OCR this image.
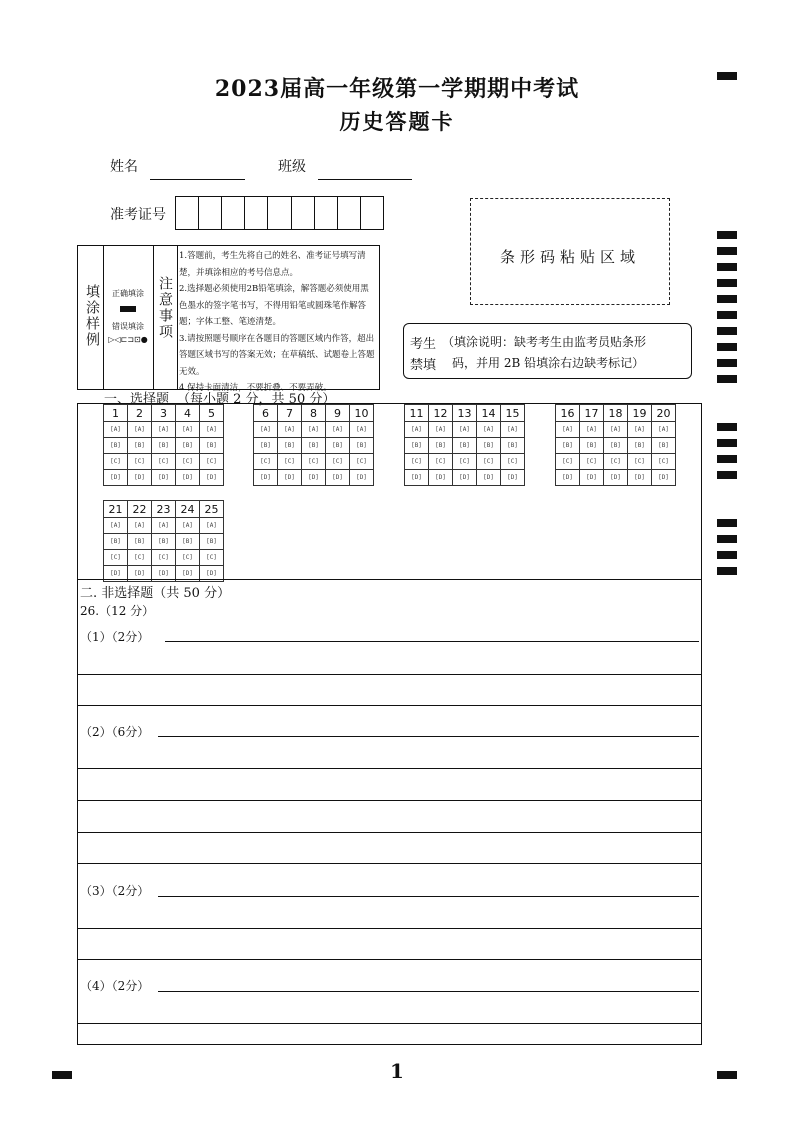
2023届高一年级第一学期期中考试
历史答题卡
姓名	班级
准考证号
条形码粘贴区域
填涂样例	正确填涂
错误填涂
▷◁⊏⊐⊡● 注意事项
1.答题前，考生先将自己的姓名、准考证号填写清楚，并填涂相应的考号信息点。
2.选择题必须使用2B铅笔填涂，解答题必须使用黑色墨水的签字笔书写，不得用铅笔或圆珠笔作解答题；字体工整、笔迹清楚。
3.请按照题号顺序在各题目的答题区域内作答，超出答题区域书写的答案无效；在草稿纸、试题卷上答题无效。
4.保持卡面清洁，不要折叠、不要弄破。
考生
禁填
（填涂说明：缺考考生由监考员贴条形
码，并用 2B 铅填涂右边缺考标记）
一、选择题 （每小题 2 分，共 50 分）
1	2	3	4	5
[A]	[A]	[A]	[A]	[A]
[B]	[B]	[B]	[B]	[B]
[C]	[C]	[C]	[C]	[C]
[D]	[D]	[D]	[D]	[D]
6	7	8	9	10
[A]	[A]	[A]	[A]	[A]
[B]	[B]	[B]	[B]	[B]
[C]	[C]	[C]	[C]	[C]
[D]	[D]	[D]	[D]	[D]
11	12	13	14	15
[A]	[A]	[A]	[A]	[A]
[B]	[B]	[B]	[B]	[B]
[C]	[C]	[C]	[C]	[C]
[D]	[D]	[D]	[D]	[D]
16	17	18	19	20
[A]	[A]	[A]	[A]	[A]
[B]	[B]	[B]	[B]	[B]
[C]	[C]	[C]	[C]	[C]
[D]	[D]	[D]	[D]	[D]
21	22	23	24	25
[A]	[A]	[A]	[A]	[A]
[B]	[B]	[B]	[B]	[B]
[C]	[C]	[C]	[C]	[C]
[D]	[D]	[D]	[D]	[D]
二. 非选择题（共 50 分）
26.（12 分）
（1）（2分）
（2）（6分）
（3）（2分）
（4）（2分）
1
